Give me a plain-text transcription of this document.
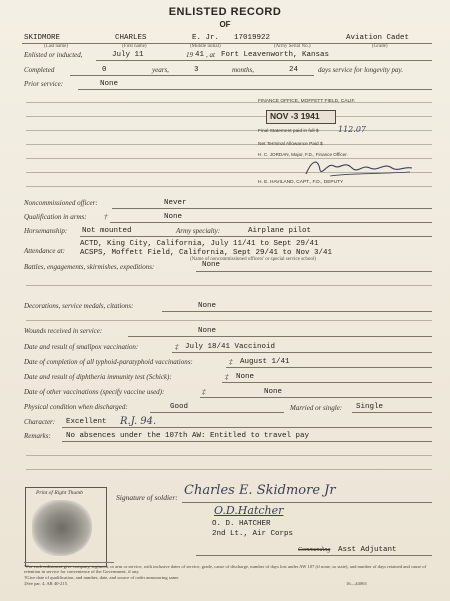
ENLISTED RECORD
OF
SKIDMORE	CHARLES	E. Jr. 17019922	Aviation Cadet
(Last name)	(First name)	(Middle initial)	(Army Serial No.)	(Grade)
Enlisted or inducted,	July 11	19 41 , at Fort Leavenworth, Kansas
Completed	0	years,	3	months,	24	days service for longevity pay.
Prior service:	None
FINANCE OFFICE, MOFFETT FIELD, CALIF.
NOV -3 1941
Final Statement paid in full $ 112.07
Net Terminal Allowance Paid $
H. C. JORDAN, Major, F.D., Finance Officer.
H. E. HAVILAND, CAPT., F.D., DEPUTY
Noncommissioned officer:	Never
Qualification in arms: †	None
Horsemanship: Not mounted	Army specialty:	Airplane pilot
Attendance at:
ACTD, King City, California, July 11/41 to Sept 29/41
ACSPS, Moffett Field, California, Sept 29/41 to Nov 3/41
(Name of noncommissioned officers' or special service school)
Battles, engagements, skirmishes, expeditions:	None
Decorations, service medals, citations:	None
Wounds received in service:	None
Date and result of smallpox vaccination:	‡ July 18/41 Vaccinoid
Date of completion of all typhoid-paratyphoid vaccinations:	‡ August 1/41
Date and result of diphtheria immunity test (Schick):	‡ None
Date of other vaccinations (specify vaccine used):	‡	None
Physical condition when discharged:	Good	Married or single: Single
Character: Excellent R.J. 94.
Remarks: No absences under the 107th AW: Entitled to travel pay
Print of Right Thumb	Signature of soldier: Charles E. Skidmore Jr
O.D.Hatcher
O. D. HATCHER
2nd Lt., Air Corps
Commanding Asst Adjutant
*For each enlistment give company, regiment, or arm or service, with inclusive dates of service, grade, cause of discharge, number of days lost under AW 107 (if none, so state), and number of days retained and cause of retention in service for convenience of the Government, if any.
†Give date of qualification, and number, date, and source of order announcing same.
‡See par. 4, AR 40-215.	16—44063
